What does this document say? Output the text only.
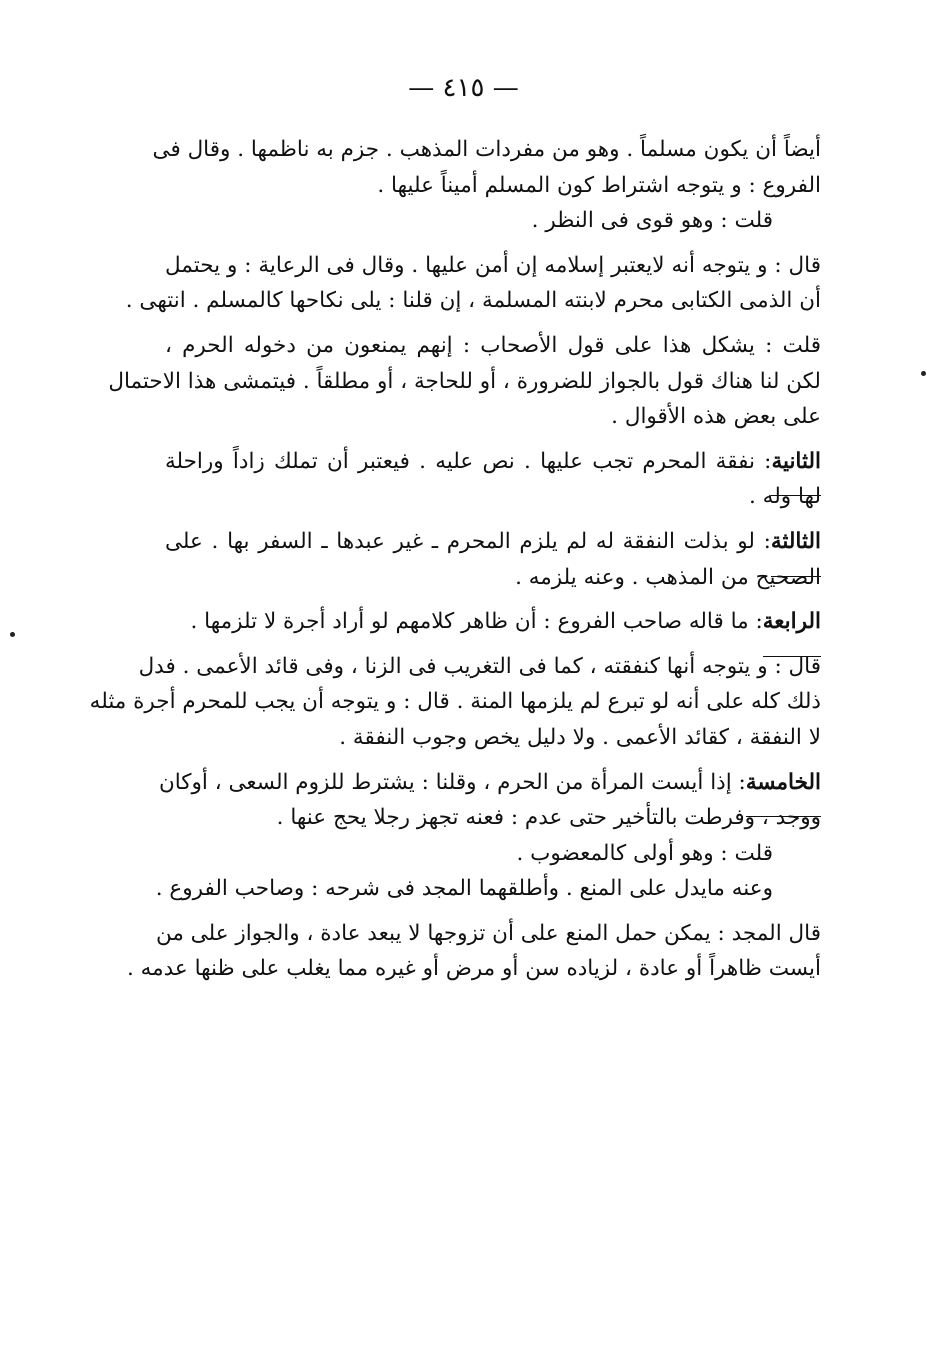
— ٤١٥ —
أيضاً أن يكون مسلماً . وهو من مفردات المذهب . جزم به ناظمها . وقال فى
الفروع : و يتوجه اشتراط كون المسلم أميناً عليها .
قلت : وهو قوى فى النظر .
قال : و يتوجه أنه لايعتبر إسلامه إن أمن عليها . وقال فى الرعاية : و يحتمل
أن الذمى الكتابى محرم لابنته المسلمة ، إن قلنا : يلى نكاحها كالمسلم . انتهى .
قلت : يشكل هذا على قول الأصحاب : إنهم يمنعون من دخوله الحرم ،
لكن لنا هناك قول بالجواز للضرورة ، أو للحاجة ، أو مطلقاً . فيتمشى هذا الاحتمال
على بعض هذه الأقوال .
الثانية: نفقة المحرم تجب عليها . نص عليه . فيعتبر أن تملك زاداً وراحلة
لها وله .
الثالثة: لو بذلت النفقة له لم يلزم المحرم ـ غير عبدها ـ السفر بها . على
الصحيح من المذهب . وعنه يلزمه .
الرابعة: ما قاله صاحب الفروع : أن ظاهر كلامهم لو أراد أجرة لا تلزمها .
قال : و يتوجه أنها كنفقته ، كما فى التغريب فى الزنا ، وفى قائد الأعمى . فدل
ذلك كله على أنه لو تبرع لم يلزمها المنة . قال : و يتوجه أن يجب للمحرم أجرة مثله
لا النفقة ، كقائد الأعمى . ولا دليل يخص وجوب النفقة .
الخامسة: إذا أيست المرأة من الحرم ، وقلنا : يشترط للزوم السعى ، أوكان
ووجد ، وفرطت بالتأخير حتى عدم : فعنه تجهز رجلا يحج عنها .
قلت : وهو أولى كالمعضوب .
وعنه مايدل على المنع . وأطلقهما المجد فى شرحه : وصاحب الفروع .
قال المجد : يمكن حمل المنع على أن تزوجها لا يبعد عادة ، والجواز على من
أيست ظاهراً أو عادة ، لزياده سن أو مرض أو غيره مما يغلب على ظنها عدمه .
